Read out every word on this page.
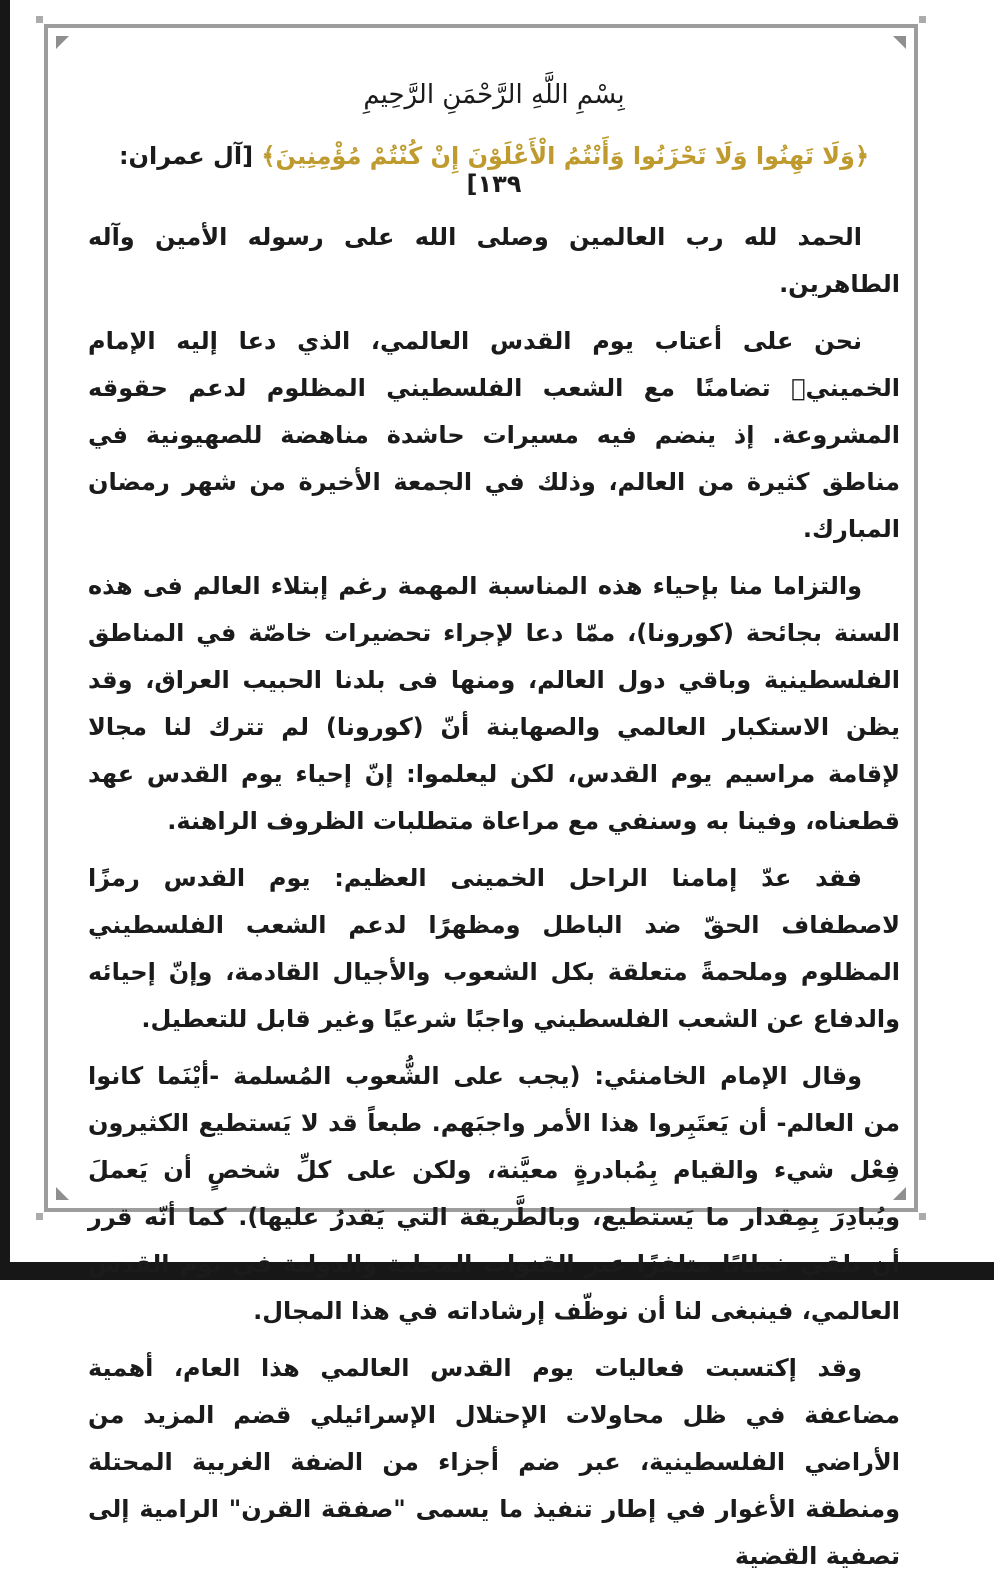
بِسْمِ اللَّهِ الرَّحْمَنِ الرَّحِيمِ

﴿وَلَا تَهِنُوا وَلَا تَحْزَنُوا وَأَنْتُمُ الْأَعْلَوْنَ إِنْ كُنْتُمْ مُؤْمِنِينَ﴾ [آل عمران: ١٣٩]

الحمد لله رب العالمين وصلى الله على رسوله الأمين وآله الطاهرين.

نحن على أعتاب يوم القدس العالمي، الذي دعا إليه الإمام الخمينيؓ تضامنًا مع الشعب الفلسطيني المظلوم لدعم حقوقه المشروعة. إذ ينضم فيه مسيرات حاشدة مناهضة للصهيونية في مناطق كثيرة من العالم، وذلك في الجمعة الأخيرة من شهر رمضان المبارك.

والتزاما منا بإحياء هذه المناسبة المهمة رغم إبتلاء العالم فى هذه السنة بجائحة (كورونا)، ممّا دعا لإجراء تحضيرات خاصّة في المناطق الفلسطينية وباقي دول العالم، ومنها فى بلدنا الحبيب العراق، وقد يظن الاستكبار العالمي والصهاينة أنّ (كورونا) لم تترك لنا مجالا لإقامة مراسيم يوم القدس، لكن ليعلموا: إنّ إحياء يوم القدس عهد قطعناه، وفينا به وسنفي مع مراعاة متطلبات الظروف الراهنة.

فقد عدّ إمامنا الراحل الخمينى العظيم: يوم القدس رمزًا لاصطفاف الحقّ ضد الباطل ومظهرًا لدعم الشعب الفلسطيني المظلوم وملحمةً متعلقة بكل الشعوب والأجيال القادمة، وإنّ إحيائه والدفاع عن الشعب الفلسطيني واجبًا شرعيًا وغير قابل للتعطيل.

وقال الإمام الخامنئي: (يجب على الشُّعوب المُسلمة -أيْنَما كانوا من العالم- أن يَعتَبِروا هذا الأمر واجبَهم. طبعاً قد لا يَستطيع الكثيرون فِعْل شيء والقيام بِمُبادرةٍ معيَّنة، ولكن على كلِّ شخصٍ أن يَعملَ ويُبادِرَ بِمِقدار ما يَستطيع، وبالطَّريقة التي يَقدرُ عليها). كما أنّه قرر أن يلقي خطابًا متلفزًا عبر القنوات المحلية والدولية في يوم القدس العالمي، فينبغى لنا أن نوظّف إرشاداته في هذا المجال.

وقد إكتسبت فعاليات يوم القدس العالمي هذا العام، أهمية مضاعفة في ظل محاولات الإحتلال الإسرائيلي قضم المزيد من الأراضي الفلسطينية، عبر ضم أجزاء من الضفة الغربية المحتلة ومنطقة الأغوار في إطار تنفيذ ما يسمى "صفقة القرن" الرامية إلى تصفية القضية
